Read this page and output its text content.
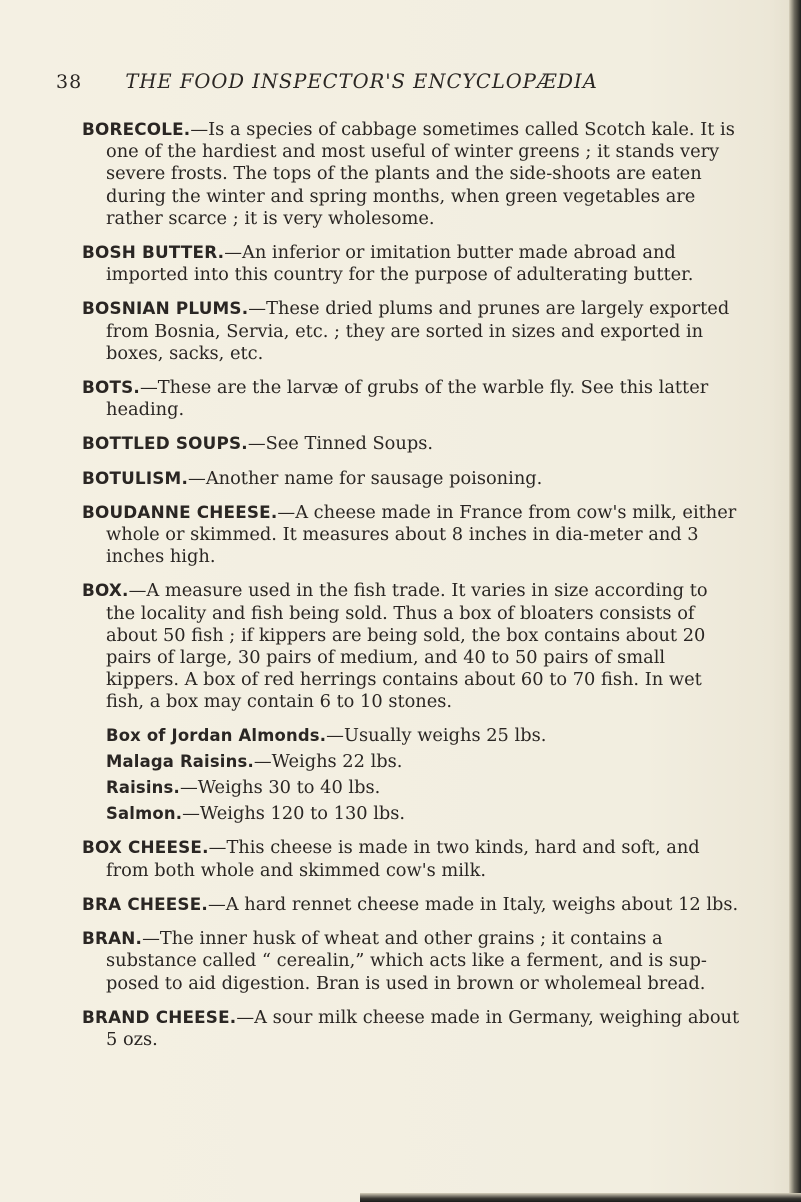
38 THE FOOD INSPECTOR'S ENCYCLOPÆDIA

BORECOLE.—Is a species of cabbage sometimes called Scotch kale. It is one of the hardiest and most useful of winter greens ; it stands very severe frosts. The tops of the plants and the side-shoots are eaten during the winter and spring months, when green vegetables are rather scarce ; it is very wholesome.

BOSH BUTTER.—An inferior or imitation butter made abroad and imported into this country for the purpose of adulterating butter.

BOSNIAN PLUMS.—These dried plums and prunes are largely exported from Bosnia, Servia, etc. ; they are sorted in sizes and exported in boxes, sacks, etc.

BOTS.—These are the larvæ of grubs of the warble fly. See this latter heading.

BOTTLED SOUPS.—See Tinned Soups.

BOTULISM.—Another name for sausage poisoning.

BOUDANNE CHEESE.—A cheese made in France from cow's milk, either whole or skimmed. It measures about 8 inches in dia-meter and 3 inches high.

BOX.—A measure used in the fish trade. It varies in size according to the locality and fish being sold. Thus a box of bloaters consists of about 50 fish ; if kippers are being sold, the box contains about 20 pairs of large, 30 pairs of medium, and 40 to 50 pairs of small kippers. A box of red herrings contains about 60 to 70 fish. In wet fish, a box may contain 6 to 10 stones.

Box of Jordan Almonds.—Usually weighs 25 lbs.

Malaga Raisins.—Weighs 22 lbs.

Raisins.—Weighs 30 to 40 lbs.

Salmon.—Weighs 120 to 130 lbs.

BOX CHEESE.—This cheese is made in two kinds, hard and soft, and from both whole and skimmed cow's milk.

BRA CHEESE.—A hard rennet cheese made in Italy, weighs about 12 lbs.

BRAN.—The inner husk of wheat and other grains ; it contains a substance called “ cerealin,” which acts like a ferment, and is sup-posed to aid digestion. Bran is used in brown or wholemeal bread.

BRAND CHEESE.—A sour milk cheese made in Germany, weighing about 5 ozs.
